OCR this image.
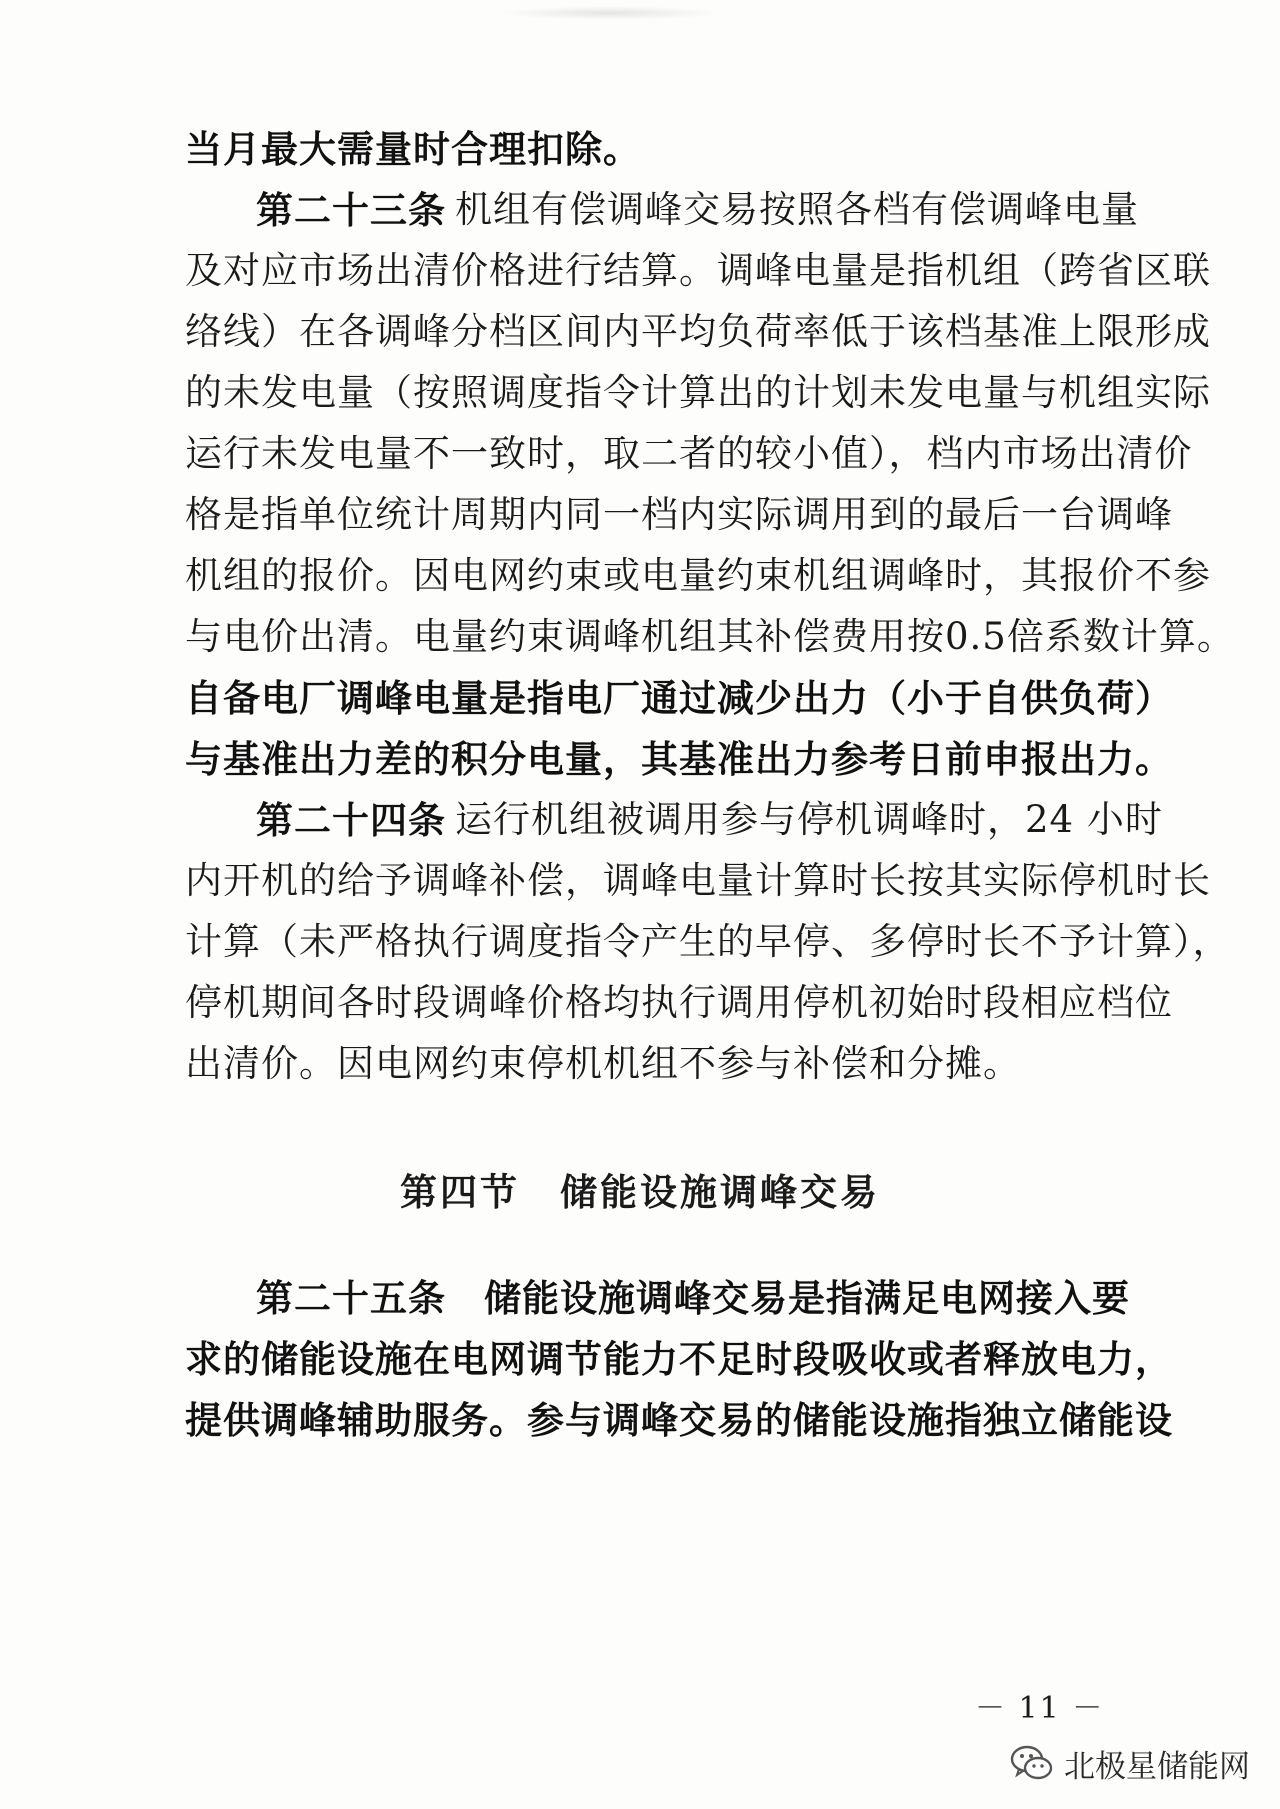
当月最大需量时合理扣除。
第二十三条 机组有偿调峰交易按照各档有偿调峰电量
及对应市场出清价格进行结算。调峰电量是指机组（跨省区联
络线）在各调峰分档区间内平均负荷率低于该档基准上限形成
的未发电量（按照调度指令计算出的计划未发电量与机组实际
运行未发电量不一致时，取二者的较小值），档内市场出清价
格是指单位统计周期内同一档内实际调用到的最后一台调峰
机组的报价。因电网约束或电量约束机组调峰时，其报价不参
与电价出清。电量约束调峰机组其补偿费用按0.5倍系数计算。
自备电厂调峰电量是指电厂通过减少出力（小于自供负荷）
与基准出力差的积分电量，其基准出力参考日前申报出力。
第二十四条 运行机组被调用参与停机调峰时，24 小时
内开机的给予调峰补偿，调峰电量计算时长按其实际停机时长
计算（未严格执行调度指令产生的早停、多停时长不予计算），
停机期间各时段调峰价格均执行调用停机初始时段相应档位
出清价。因电网约束停机机组不参与补偿和分摊。
第四节　储能设施调峰交易
第二十五条　储能设施调峰交易是指满足电网接入要
求的储能设施在电网调节能力不足时段吸收或者释放电力，
提供调峰辅助服务。参与调峰交易的储能设施指独立储能设
－ 11 －
北极星储能网
